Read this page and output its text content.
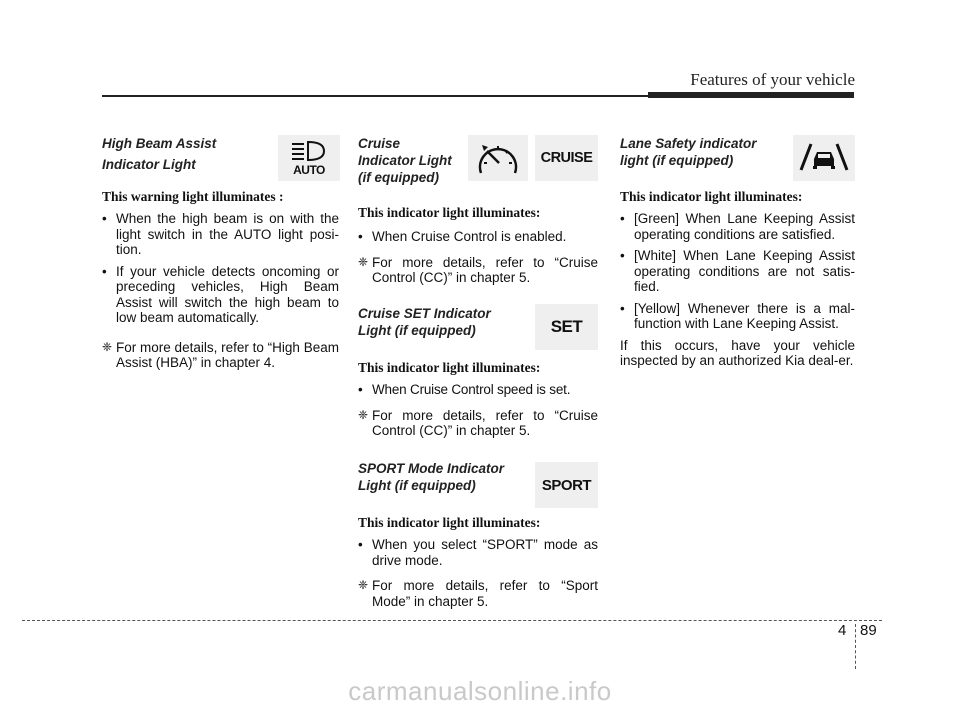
Features of your vehicle
High Beam Assist
Indicator Light	AUTO
This warning light illuminates :
• When the high beam is on with the light switch in the AUTO light posi-tion.
• If your vehicle detects oncoming or preceding vehicles, High Beam Assist will switch the high beam to low beam automatically.
❈ For more details, refer to “High Beam Assist (HBA)” in chapter 4.
Cruise
Indicator Light
(if equipped)
CRUISE
This indicator light illuminates:
• When Cruise Control is enabled.
❈ For more details, refer to “Cruise Control (CC)” in chapter 5.
Cruise SET Indicator
Light (if equipped)	SET
This indicator light illuminates:
• When Cruise Control speed is set.
❈ For more details, refer to “Cruise Control (CC)” in chapter 5.
SPORT Mode Indicator
Light (if equipped)	SPORT
This indicator light illuminates:
• When you select “SPORT” mode as drive mode.
❈ For more details, refer to “Sport Mode” in chapter 5.
Lane Safety indicator
light (if equipped)
This indicator light illuminates:
• [Green] When Lane Keeping Assist operating conditions are satisfied.
• [White] When Lane Keeping Assist operating conditions are not satis-fied.
• [Yellow] Whenever there is a mal-function with Lane Keeping Assist.
If this occurs, have your vehicle inspected by an authorized Kia deal-er.
4 89
carmanualsonline.info
